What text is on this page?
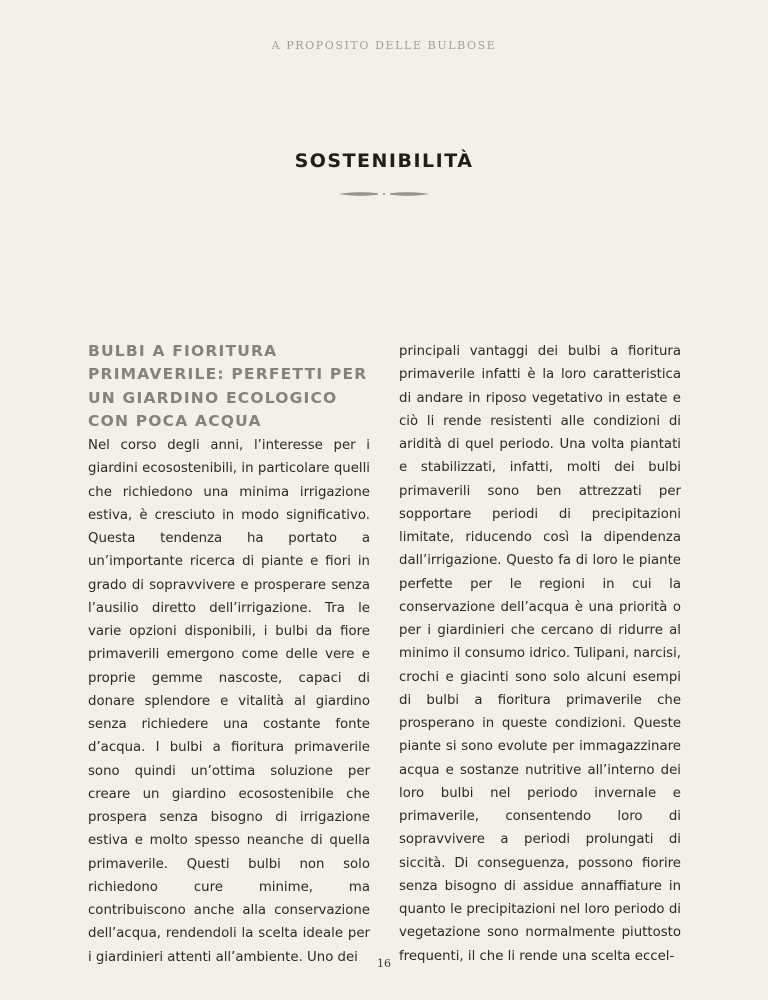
A PROPOSITO DELLE BULBOSE
SOSTENIBILITÀ
BULBI A FIORITURA PRIMAVERILE: PERFETTI PER UN GIARDINO ECOLOGICO CON POCA ACQUA

Nel corso degli anni, l’interesse per i giardini ecosostenibili, in particolare quelli che richiedono una minima irrigazione estiva, è cresciuto in modo significativo. Questa tendenza ha portato a un’importante ricerca di piante e fiori in grado di sopravvivere e prosperare senza l’ausilio diretto dell’irrigazione. Tra le varie opzioni disponibili, i bulbi da fiore primaverili emergono come delle vere e proprie gemme nascoste, capaci di donare splendore e vitalità al giardino senza richiedere una costante fonte d’acqua. I bulbi a fioritura primaverile sono quindi un’ottima soluzione per creare un giardino ecosostenibile che prospera senza bisogno di irrigazione estiva e molto spesso neanche di quella primaverile. Questi bulbi non solo richiedono cure minime, ma contribuiscono anche alla conservazione dell’acqua, rendendoli la scelta ideale per i giardinieri attenti all’ambiente. Uno dei

principali vantaggi dei bulbi a fioritura primaverile infatti è la loro caratteristica di andare in riposo vegetativo in estate e ciò li rende resistenti alle condizioni di aridità di quel periodo. Una volta piantati e stabilizzati, infatti, molti dei bulbi primaverili sono ben attrezzati per sopportare periodi di precipitazioni limitate, riducendo così la dipendenza dall’irrigazione. Questo fa di loro le piante perfette per le regioni in cui la conservazione dell’acqua è una priorità o per i giardinieri che cercano di ridurre al minimo il consumo idrico. Tulipani, narcisi, crochi e giacinti sono solo alcuni esempi di bulbi a fioritura primaverile che prosperano in queste condizioni. Queste piante si sono evolute per immagazzinare acqua e sostanze nutritive all’interno dei loro bulbi nel periodo invernale e primaverile, consentendo loro di sopravvivere a periodi prolungati di siccità. Di conseguenza, possono fiorire senza bisogno di assidue annaffiature in quanto le precipitazioni nel loro periodo di vegetazione sono normalmente piuttosto frequenti, il che li rende una scelta eccel-

16
